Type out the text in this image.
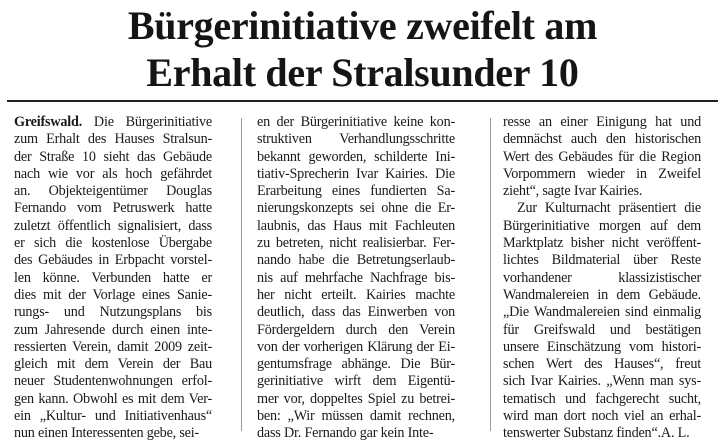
Bürgerinitiative zweifelt am
Erhalt der Stralsunder 10
Greifswald. Die Bürgerinitiative
zum Erhalt des Hauses Stralsun-
der Straße 10 sieht das Gebäude
nach wie vor als hoch gefährdet
an. Objekteigentümer Douglas
Fernando vom Petruswerk hatte
zuletzt öffentlich signalisiert, dass
er sich die kostenlose Übergabe
des Gebäudes in Erbpacht vorstel-
len könne. Verbunden hatte er
dies mit der Vorlage eines Sanie-
rungs- und Nutzungsplans bis
zum Jahresende durch einen inte-
ressierten Verein, damit 2009 zeit-
gleich mit dem Verein der Bau
neuer Studentenwohnungen erfol-
gen kann. Obwohl es mit dem Ver-
ein „Kultur- und Initiativenhaus“
nun einen Interessenten gebe, sei-
en der Bürgerinitiative keine kon-
struktiven Verhandlungsschritte
bekannt geworden, schilderte Ini-
tiativ-Sprecherin Ivar Kairies. Die
Erarbeitung eines fundierten Sa-
nierungskonzepts sei ohne die Er-
laubnis, das Haus mit Fachleuten
zu betreten, nicht realisierbar. Fer-
nando habe die Betretungserlaub-
nis auf mehrfache Nachfrage bis-
her nicht erteilt. Kairies machte
deutlich, dass das Einwerben von
Fördergeldern durch den Verein
von der vorherigen Klärung der Ei-
gentumsfrage abhänge. Die Bür-
gerinitiative wirft dem Eigentü-
mer vor, doppeltes Spiel zu betrei-
ben: „Wir müssen damit rechnen,
dass Dr. Fernando gar kein Inte-
resse an einer Einigung hat und
demnächst auch den historischen
Wert des Gebäudes für die Region
Vorpommern wieder in Zweifel
zieht“, sagte Ivar Kairies.
Zur Kulturnacht präsentiert die
Bürgerinitiative morgen auf dem
Marktplatz bisher nicht veröffent-
lichtes Bildmaterial über Reste
vorhandener klassizistischer
Wandmalereien in dem Gebäude.
„Die Wandmalereien sind einmalig
für Greifswald und bestätigen
unsere Einschätzung vom histori-
schen Wert des Hauses“, freut
sich Ivar Kairies. „Wenn man sys-
tematisch und fachgerecht sucht,
wird man dort noch viel an erhal-
tenswerter Substanz finden“.A. L.
